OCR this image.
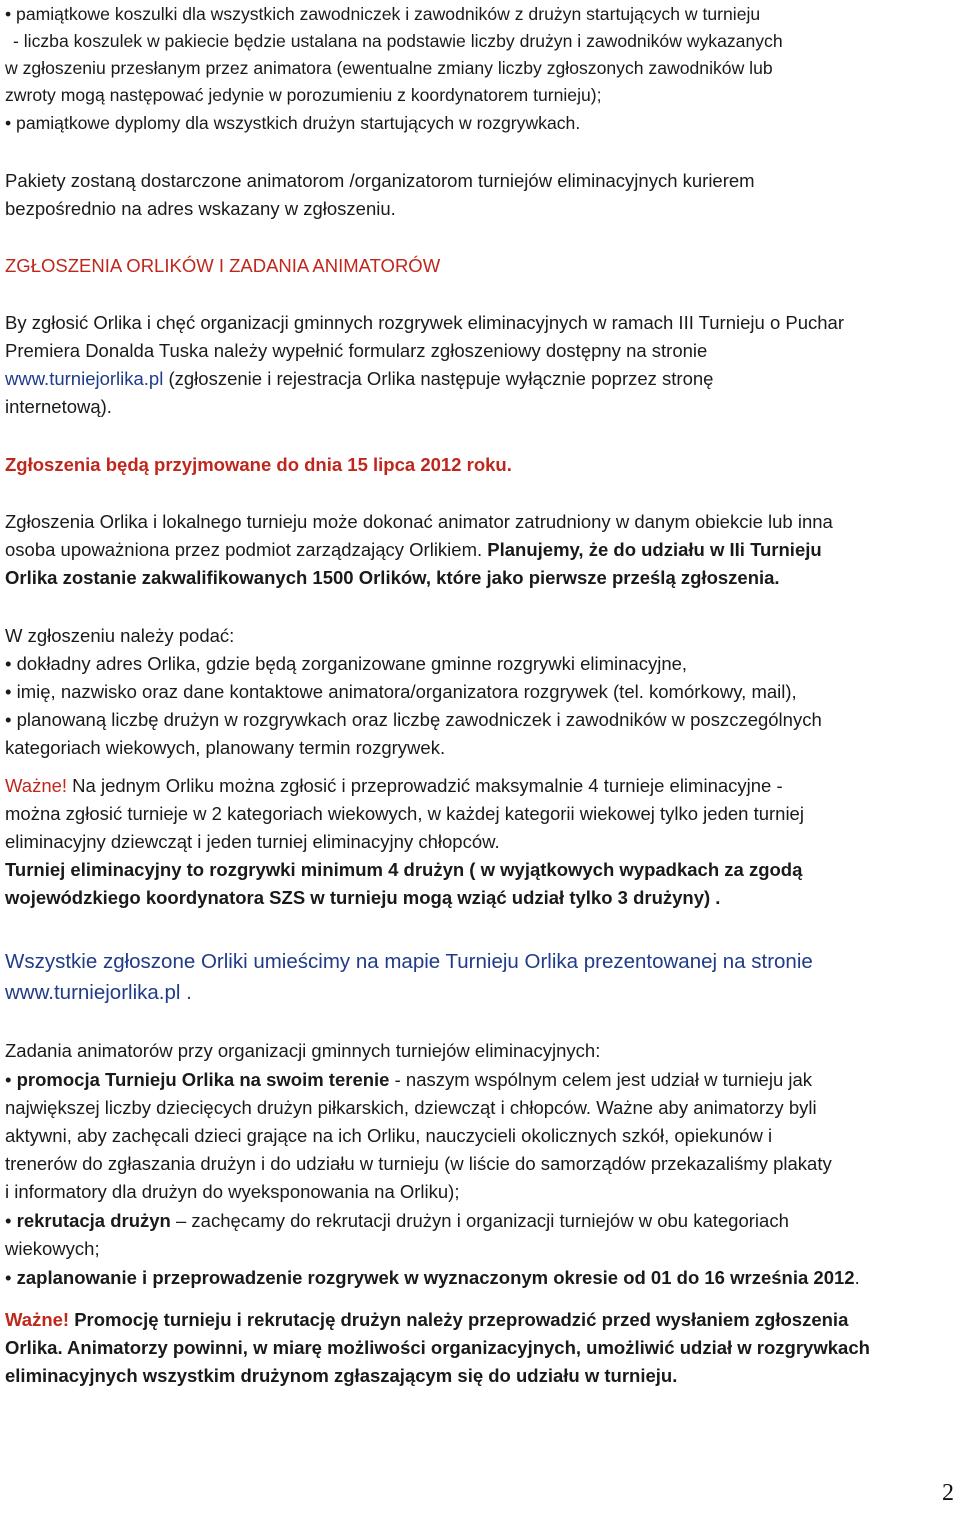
• pamiątkowe koszulki dla wszystkich zawodniczek i zawodników z drużyn startujących w turnieju
- liczba koszulek w pakiecie będzie ustalana na podstawie liczby drużyn i zawodników wykazanych
w zgłoszeniu przesłanym przez animatora (ewentualne zmiany liczby zgłoszonych zawodników lub
zwroty mogą następować jedynie w porozumieniu z koordynatorem turnieju);
• pamiątkowe dyplomy dla wszystkich drużyn startujących w rozgrywkach.
Pakiety zostaną dostarczone animatorom /organizatorom turniejów eliminacyjnych kurierem
bezpośrednio na adres wskazany w zgłoszeniu.
ZGŁOSZENIA ORLIKÓW I ZADANIA ANIMATORÓW
By zgłosić Orlika i chęć organizacji gminnych rozgrywek eliminacyjnych w ramach III Turnieju o Puchar
Premiera Donalda Tuska należy wypełnić formularz zgłoszeniowy dostępny na stronie
www.turniejorlika.pl (zgłoszenie i rejestracja Orlika następuje wyłącznie poprzez stronę
internetową).
Zgłoszenia będą przyjmowane do dnia 15 lipca 2012 roku.
Zgłoszenia Orlika i lokalnego turnieju może dokonać animator zatrudniony w danym obiekcie lub inna
osoba upoważniona przez podmiot zarządzający Orlikiem. Planujemy, że do udziału w IIi Turnieju
Orlika zostanie zakwalifikowanych 1500 Orlików, które jako pierwsze prześlą zgłoszenia.
W zgłoszeniu należy podać:
• dokładny adres Orlika, gdzie będą zorganizowane gminne rozgrywki eliminacyjne,
• imię, nazwisko oraz dane kontaktowe animatora/organizatora rozgrywek (tel. komórkowy, mail),
• planowaną liczbę drużyn w rozgrywkach oraz liczbę zawodniczek i zawodników w poszczególnych
kategoriach wiekowych, planowany termin rozgrywek.
Ważne! Na jednym Orliku można zgłosić i przeprowadzić maksymalnie 4 turnieje eliminacyjne -
można zgłosić turnieje w 2 kategoriach wiekowych, w każdej kategorii wiekowej tylko jeden turniej
eliminacyjny dziewcząt i jeden turniej eliminacyjny chłopców.
Turniej eliminacyjny to rozgrywki minimum 4 drużyn ( w wyjątkowych wypadkach za zgodą
wojewódzkiego koordynatora SZS w turnieju mogą wziąć udział tylko 3 drużyny) .
Wszystkie zgłoszone Orliki umieścimy na mapie Turnieju Orlika prezentowanej na stronie
www.turniejorlika.pl .
Zadania animatorów przy organizacji gminnych turniejów eliminacyjnych:
• promocja Turnieju Orlika na swoim terenie - naszym wspólnym celem jest udział w turnieju jak
największej liczby dziecięcych drużyn piłkarskich, dziewcząt i chłopców. Ważne aby animatorzy byli
aktywni, aby zachęcali dzieci grające na ich Orliku, nauczycieli okolicznych szkół, opiekunów i
trenerów do zgłaszania drużyn i do udziału w turnieju (w liście do samorządów przekazaliśmy plakaty
i informatory dla drużyn do wyeksponowania na Orliku);
• rekrutacja drużyn – zachęcamy do rekrutacji drużyn i organizacji turniejów w obu kategoriach
wiekowych;
• zaplanowanie i przeprowadzenie rozgrywek w wyznaczonym okresie od 01 do 16 września 2012.
Ważne! Promocję turnieju i rekrutację drużyn należy przeprowadzić przed wysłaniem zgłoszenia
Orlika. Animatorzy powinni, w miarę możliwości organizacyjnych, umożliwić udział w rozgrywkach
eliminacyjnych wszystkim drużynom zgłaszającym się do udziału w turnieju.
2
